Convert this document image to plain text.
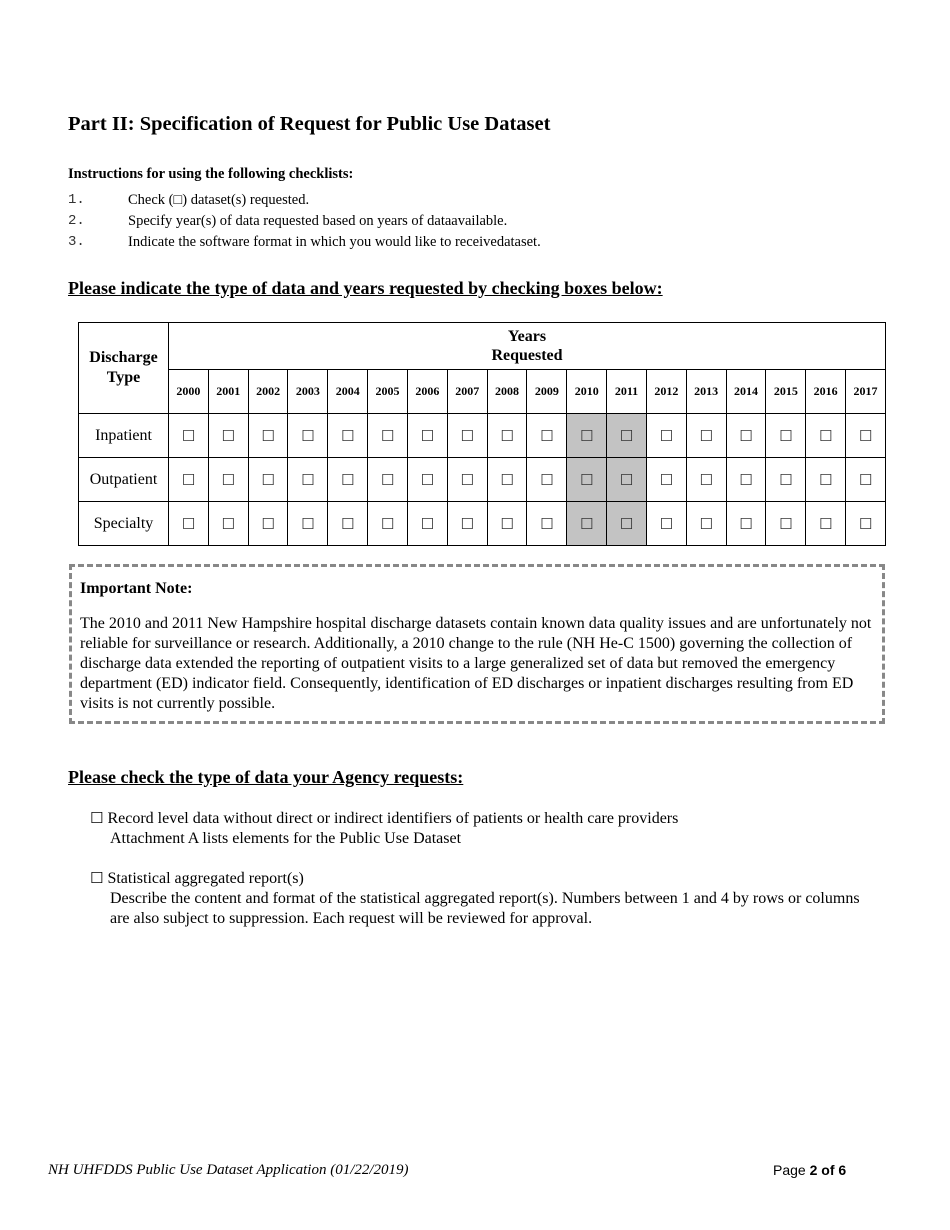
Part II: Specification of Request for Public Use Dataset
Instructions for using the following checklists:
1.	Check (□) dataset(s) requested.
2.	Specify year(s) of data requested based on years of dataavailable.
3.	Indicate the software format in which you would like to receivedataset.
Please indicate the type of data and years requested by checking boxes below:
Discharge Type	Years Requested																	
	2000	2001	2002	2003	2004	2005	2006	2007	2008	2009	2010	2011	2012	2013	2014	2015	2016	2017
Inpatient	☐	☐	☐	☐	☐	☐	☐	☐	☐	☐	☐	☐	☐	☐	☐	☐	☐	☐
Outpatient	☐	☐	☐	☐	☐	☐	☐	☐	☐	☐	☐	☐	☐	☐	☐	☐	☐	☐
Specialty	☐	☐	☐	☐	☐	☐	☐	☐	☐	☐	☐	☐	☐	☐	☐	☐	☐	☐
Important Note:
The 2010 and 2011 New Hampshire hospital discharge datasets contain known data quality issues and are unfortunately not reliable for surveillance or research. Additionally, a 2010 change to the rule (NH He-C 1500) governing the collection of discharge data extended the reporting of outpatient visits to a large generalized set of data but removed the emergency department (ED) indicator field. Consequently, identification of ED discharges or inpatient discharges resulting from ED visits is not currently possible.
Please check the type of data your Agency requests:
☐ Record level data without direct or indirect identifiers of patients or health care providers
Attachment A lists elements for the Public Use Dataset
☐ Statistical aggregated report(s)
Describe the content and format of the statistical aggregated report(s). Numbers between 1 and 4 by rows or columns are also subject to suppression. Each request will be reviewed for approval.
NH UHFDDS Public Use Dataset Application (01/22/2019)	Page 2 of 6
